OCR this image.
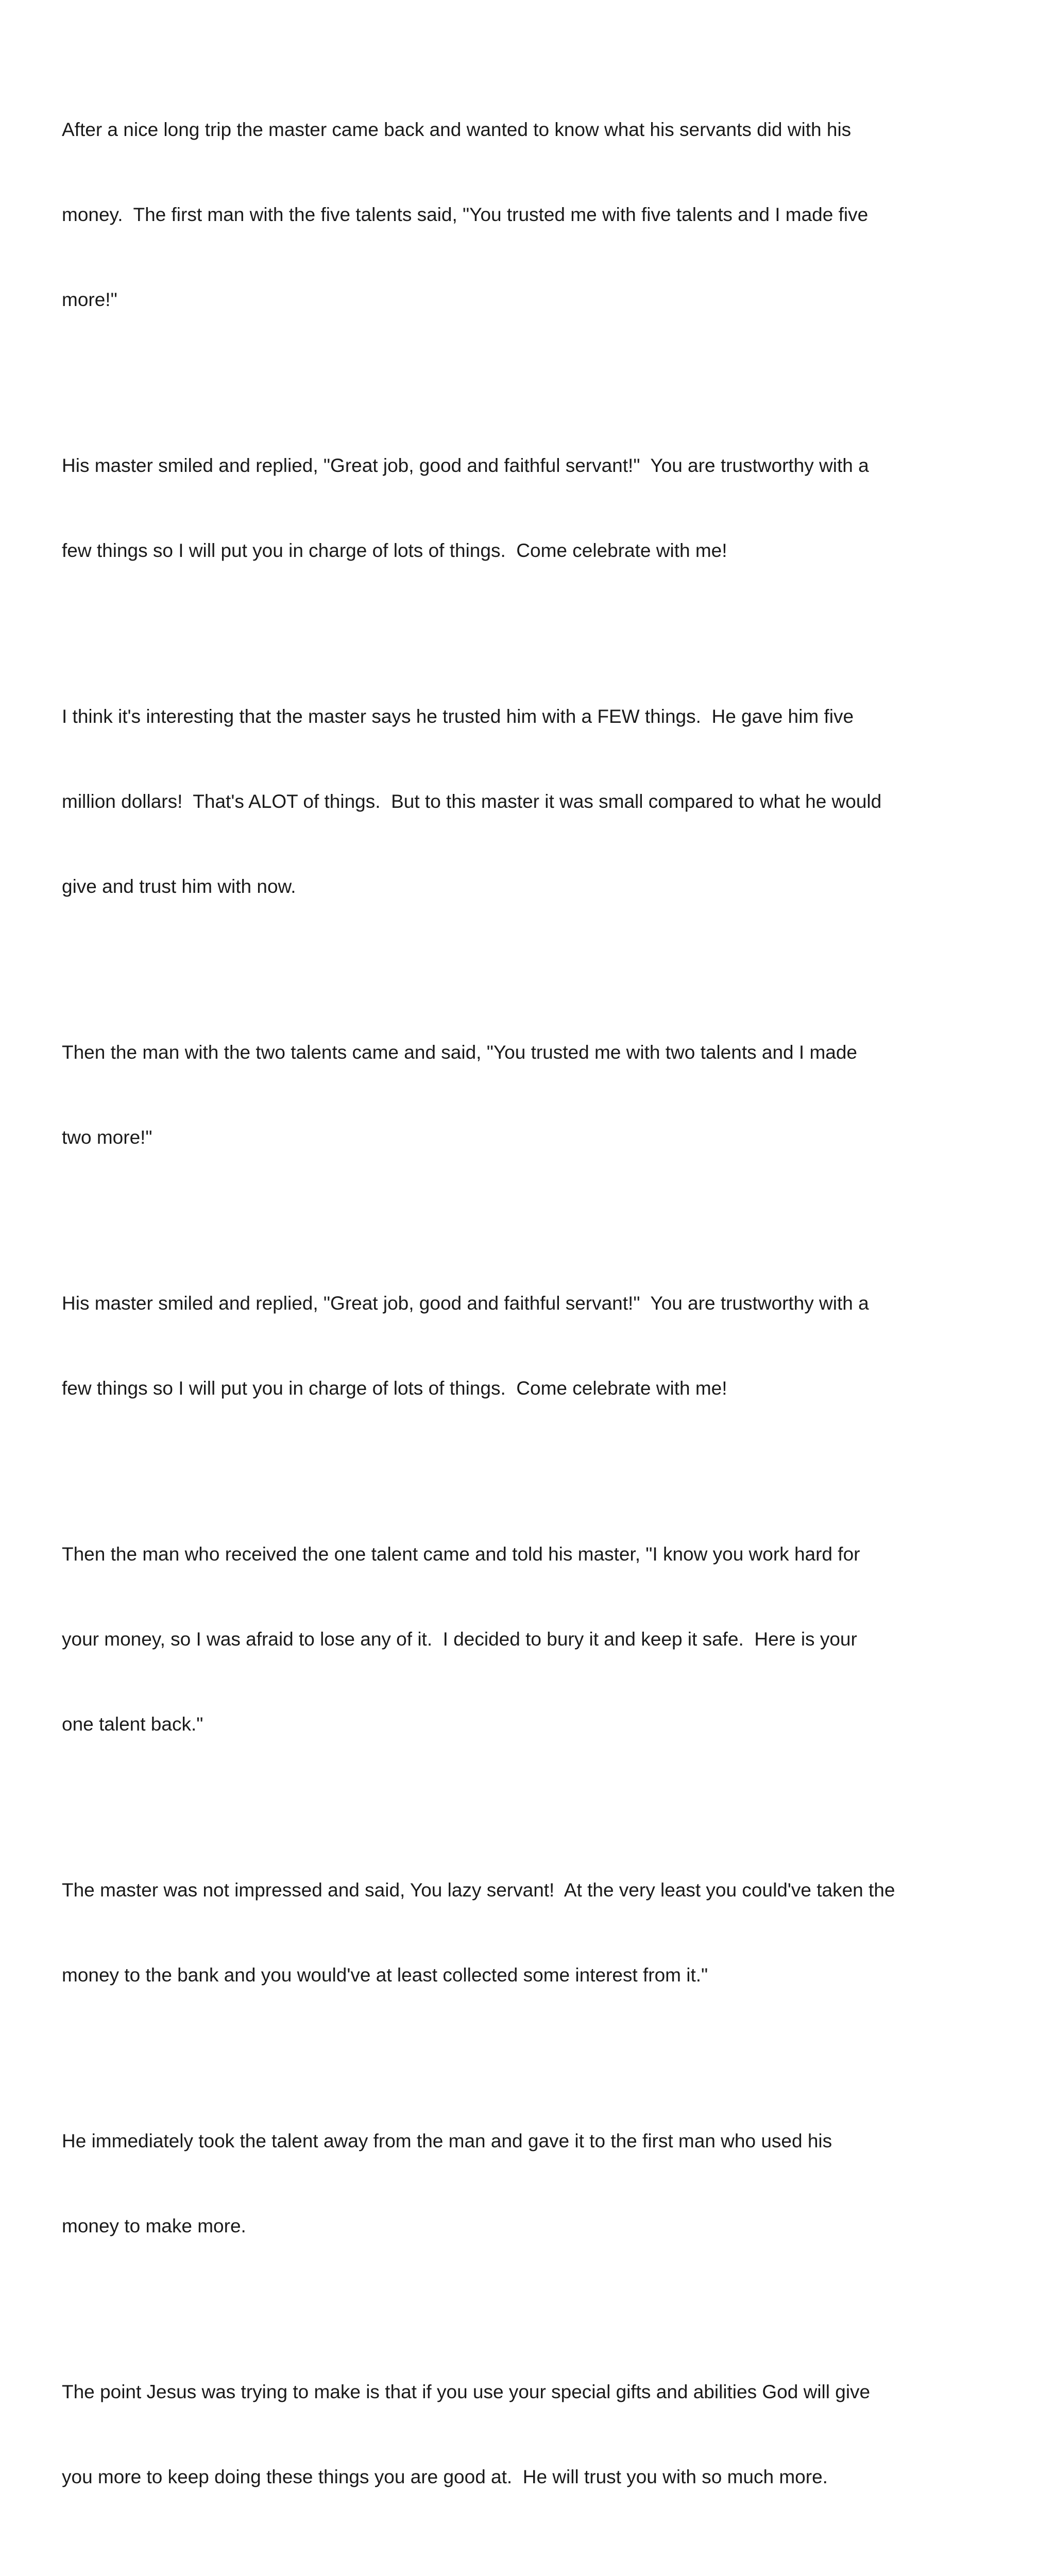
After a nice long trip the master came back and wanted to know what his servants did with his

money.  The first man with the five talents said, "You trusted me with five talents and I made five

more!"

His master smiled and replied, "Great job, good and faithful servant!"  You are trustworthy with a

few things so I will put you in charge of lots of things.  Come celebrate with me!

I think it's interesting that the master says he trusted him with a FEW things.  He gave him five

million dollars!  That's ALOT of things.  But to this master it was small compared to what he would

give and trust him with now.

Then the man with the two talents came and said, "You trusted me with two talents and I made

two more!"

His master smiled and replied, "Great job, good and faithful servant!"  You are trustworthy with a

few things so I will put you in charge of lots of things.  Come celebrate with me!

Then the man who received the one talent came and told his master, "I know you work hard for

your money, so I was afraid to lose any of it.  I decided to bury it and keep it safe.  Here is your

one talent back."

The master was not impressed and said, You lazy servant!  At the very least you could've taken the

money to the bank and you would've at least collected some interest from it."

He immediately took the talent away from the man and gave it to the first man who used his

money to make more.

The point Jesus was trying to make is that if you use your special gifts and abilities God will give

you more to keep doing these things you are good at.  He will trust you with so much more.
